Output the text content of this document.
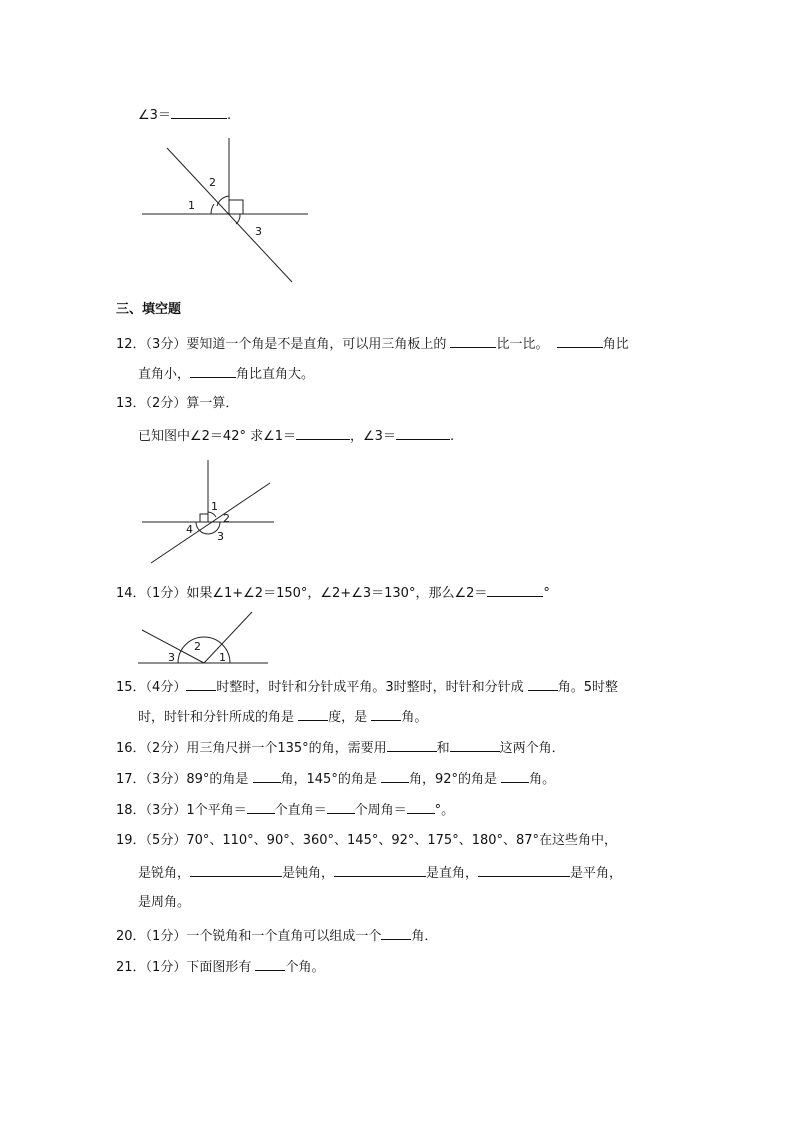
∠3＝	.
1
2
3
三、填空题
12．（3分）要知道一个角是不是直角，可以用三角板上的	比一比。	角比
直角小，	角比直角大。
13．（2分）算一算．
已知图中∠2＝42° 求∠1＝	，∠3＝	.
1
2
3
4
14．（1分）如果∠1+∠2＝150°，∠2+∠3＝130°，那么∠2＝	°
2
3	1
15．（4分） 时整时，时针和分针成平角。3时整时，时针和分针成	角。5时整
时，时针和分针所成的角是	度，是	角。
16．（2分）用三角尺拼一个135°的角，需要用	和	这两个角．
17．（3分）89°的角是 角，145°的角是 角，92°的角是 角。
18．（3分）1个平角＝ 个直角＝ 个周角＝ °。
19．（5分）70°、110°、90°、360°、145°、92°、175°、180°、87°在这些角中，
是锐角，	是钝角，	是直角，	是平角，
是周角。
20．（1分）一个锐角和一个直角可以组成一个 角．
21．（1分）下面图形有	个角。
